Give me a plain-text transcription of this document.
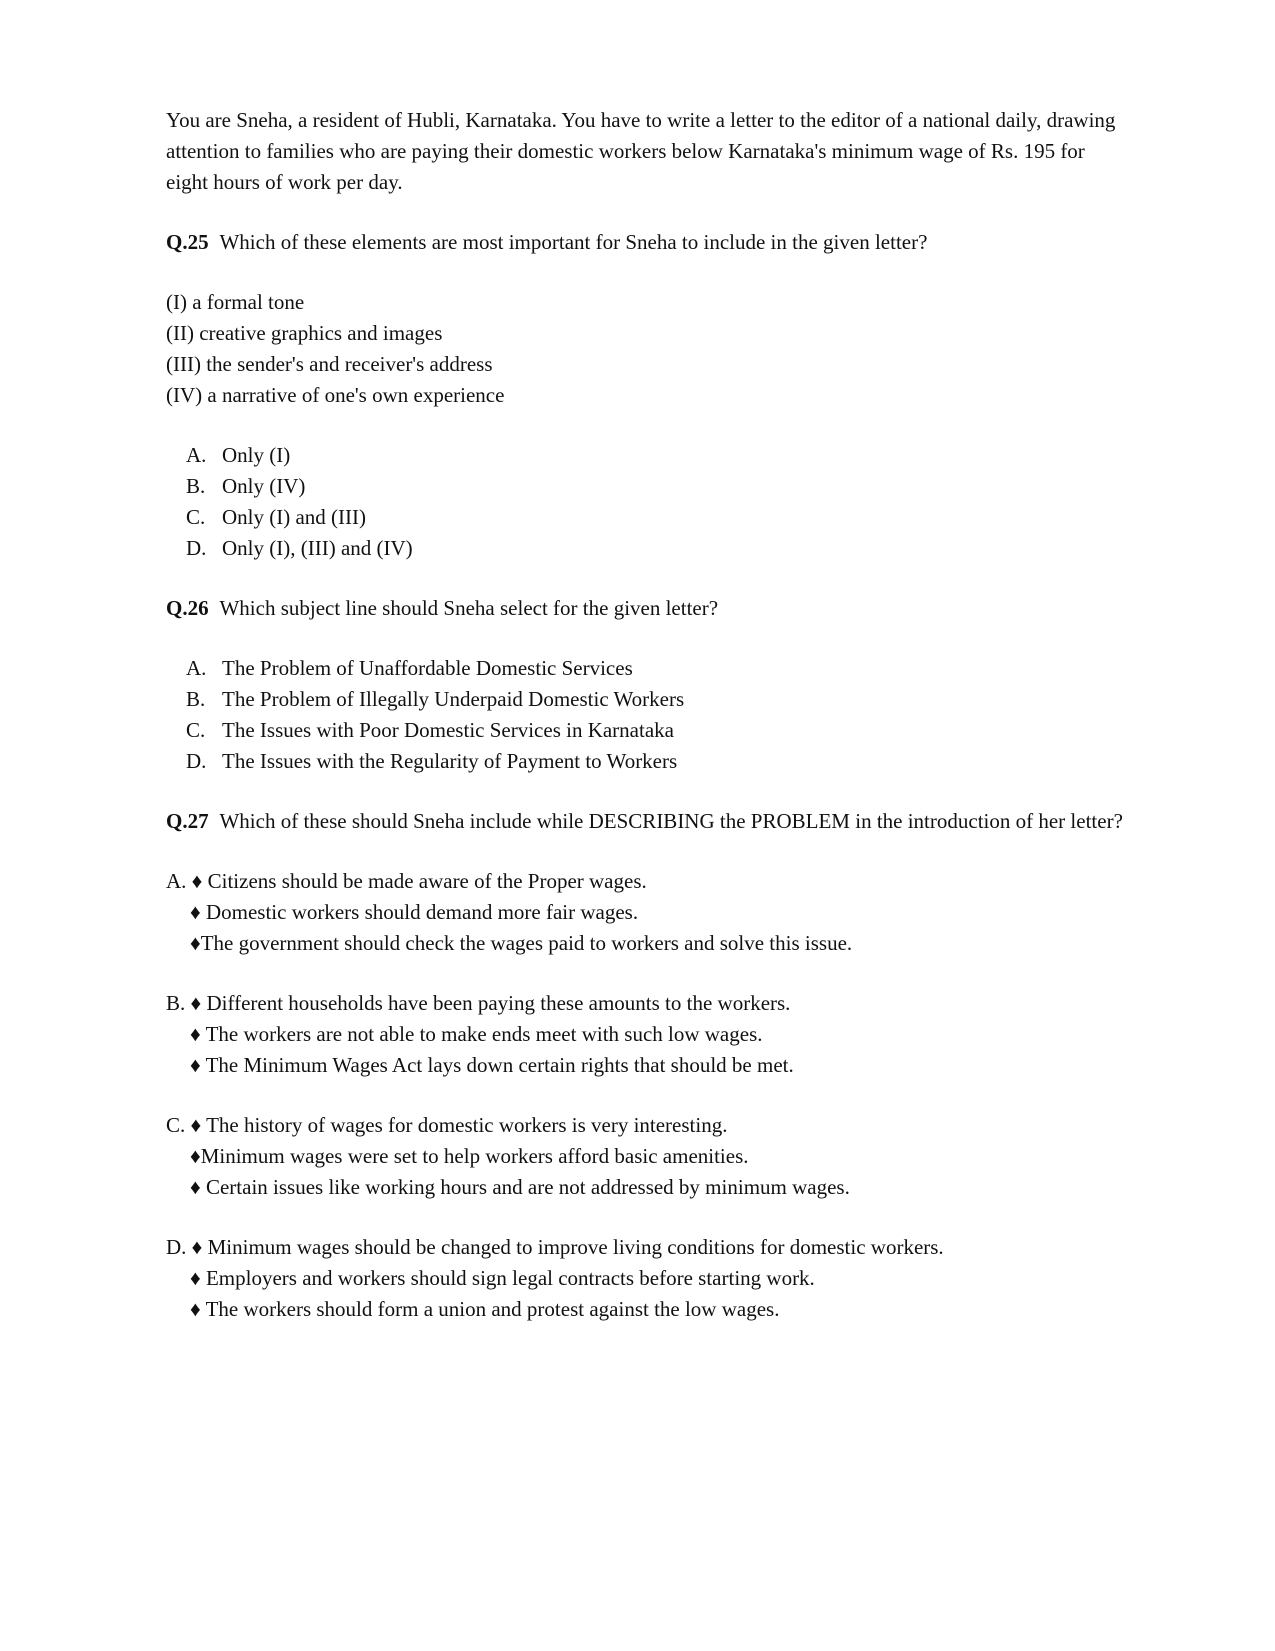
You are Sneha, a resident of Hubli, Karnataka. You have to write a letter to the editor of a national daily, drawing attention to families who are paying their domestic workers below Karnataka's minimum wage of Rs. 195 for eight hours of work per day.

Q.25 Which of these elements are most important for Sneha to include in the given letter?

(I) a formal tone
(II) creative graphics and images
(III) the sender's and receiver's address
(IV) a narrative of one's own experience
A. Only (I)
B. Only (IV)
C. Only (I) and (III)
D. Only (I), (III) and (IV)

Q.26 Which subject line should Sneha select for the given letter?

A. The Problem of Unaffordable Domestic Services
B. The Problem of Illegally Underpaid Domestic Workers
C. The Issues with Poor Domestic Services in Karnataka
D. The Issues with the Regularity of Payment to Workers

Q.27 Which of these should Sneha include while DESCRIBING the PROBLEM in the introduction of her letter?

A. ♦ Citizens should be made aware of the Proper wages.
♦ Domestic workers should demand more fair wages.
♦The government should check the wages paid to workers and solve this issue.
B. ♦ Different households have been paying these amounts to the workers.
♦ The workers are not able to make ends meet with such low wages.
♦ The Minimum Wages Act lays down certain rights that should be met.
C. ♦ The history of wages for domestic workers is very interesting.
♦Minimum wages were set to help workers afford basic amenities.
♦ Certain issues like working hours and are not addressed by minimum wages.
D. ♦ Minimum wages should be changed to improve living conditions for domestic workers.
♦ Employers and workers should sign legal contracts before starting work.
♦ The workers should form a union and protest against the low wages.
